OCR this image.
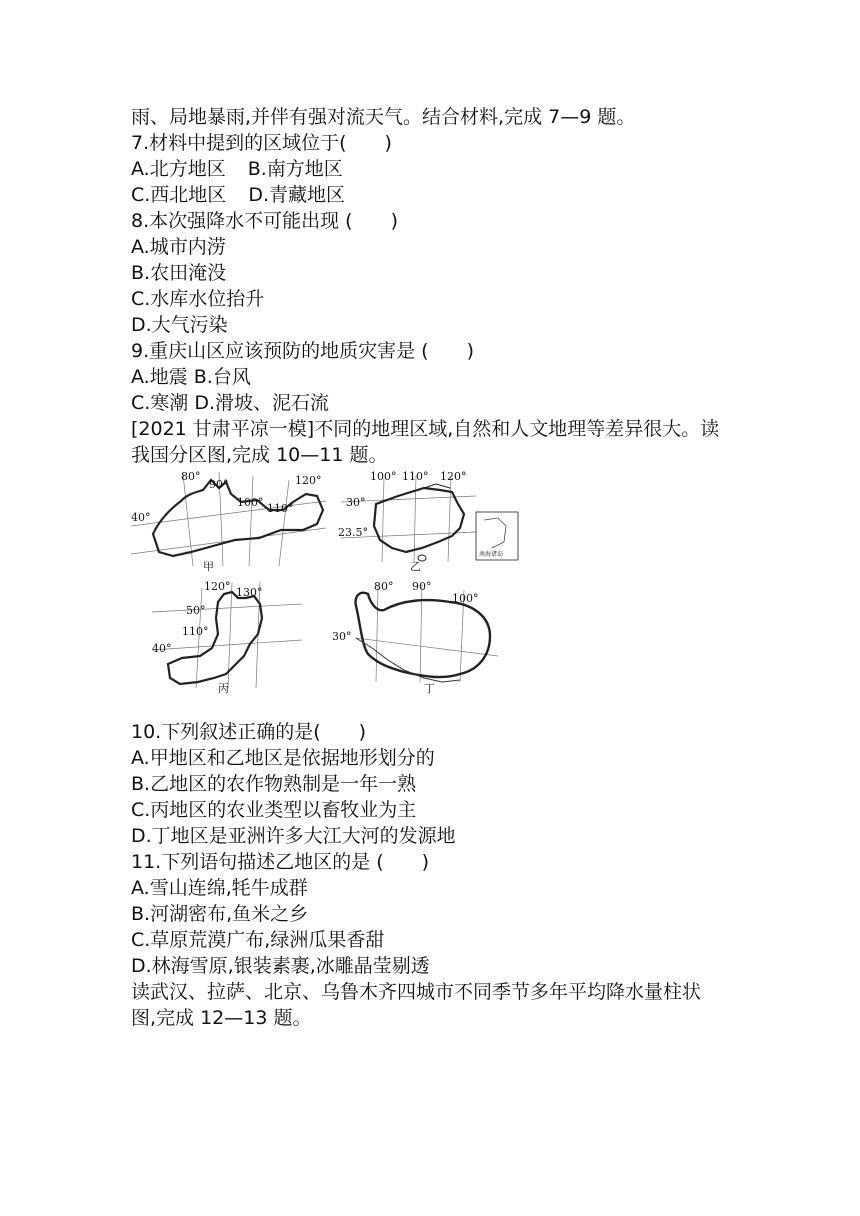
雨、局地暴雨,并伴有强对流天气。结合材料,完成 7—9 题。
7.材料中提到的区域位于(　　)
A.北方地区 B.南方地区
C.西北地区 D.青藏地区
8.本次强降水不可能出现 (　　)
A.城市内涝
B.农田淹没
C.水库水位抬升
D.大气污染
9.重庆山区应该预防的地质灾害是 (　　)
A.地震 B.台风
C.寒潮 D.滑坡、泥石流
[2021 甘肃平凉一模]不同的地理区域,自然和人文地理等差异很大。读
我国分区图,完成 10—11 题。
80°
90°
100° 110°
120°
40°
甲
南海诸岛
100° 110° 120°
30°
23.5°
乙
120° 130°
50°
110°
40°
丙
80° 90°
100°
30°
丁
10.下列叙述正确的是(　　)
A.甲地区和乙地区是依据地形划分的
B.乙地区的农作物熟制是一年一熟
C.丙地区的农业类型以畜牧业为主
D.丁地区是亚洲许多大江大河的发源地
11.下列语句描述乙地区的是 (　　)
A.雪山连绵,牦牛成群
B.河湖密布,鱼米之乡
C.草原荒漠广布,绿洲瓜果香甜
D.林海雪原,银装素裹,冰雕晶莹剔透
读武汉、拉萨、北京、乌鲁木齐四城市不同季节多年平均降水量柱状
图,完成 12—13 题。
